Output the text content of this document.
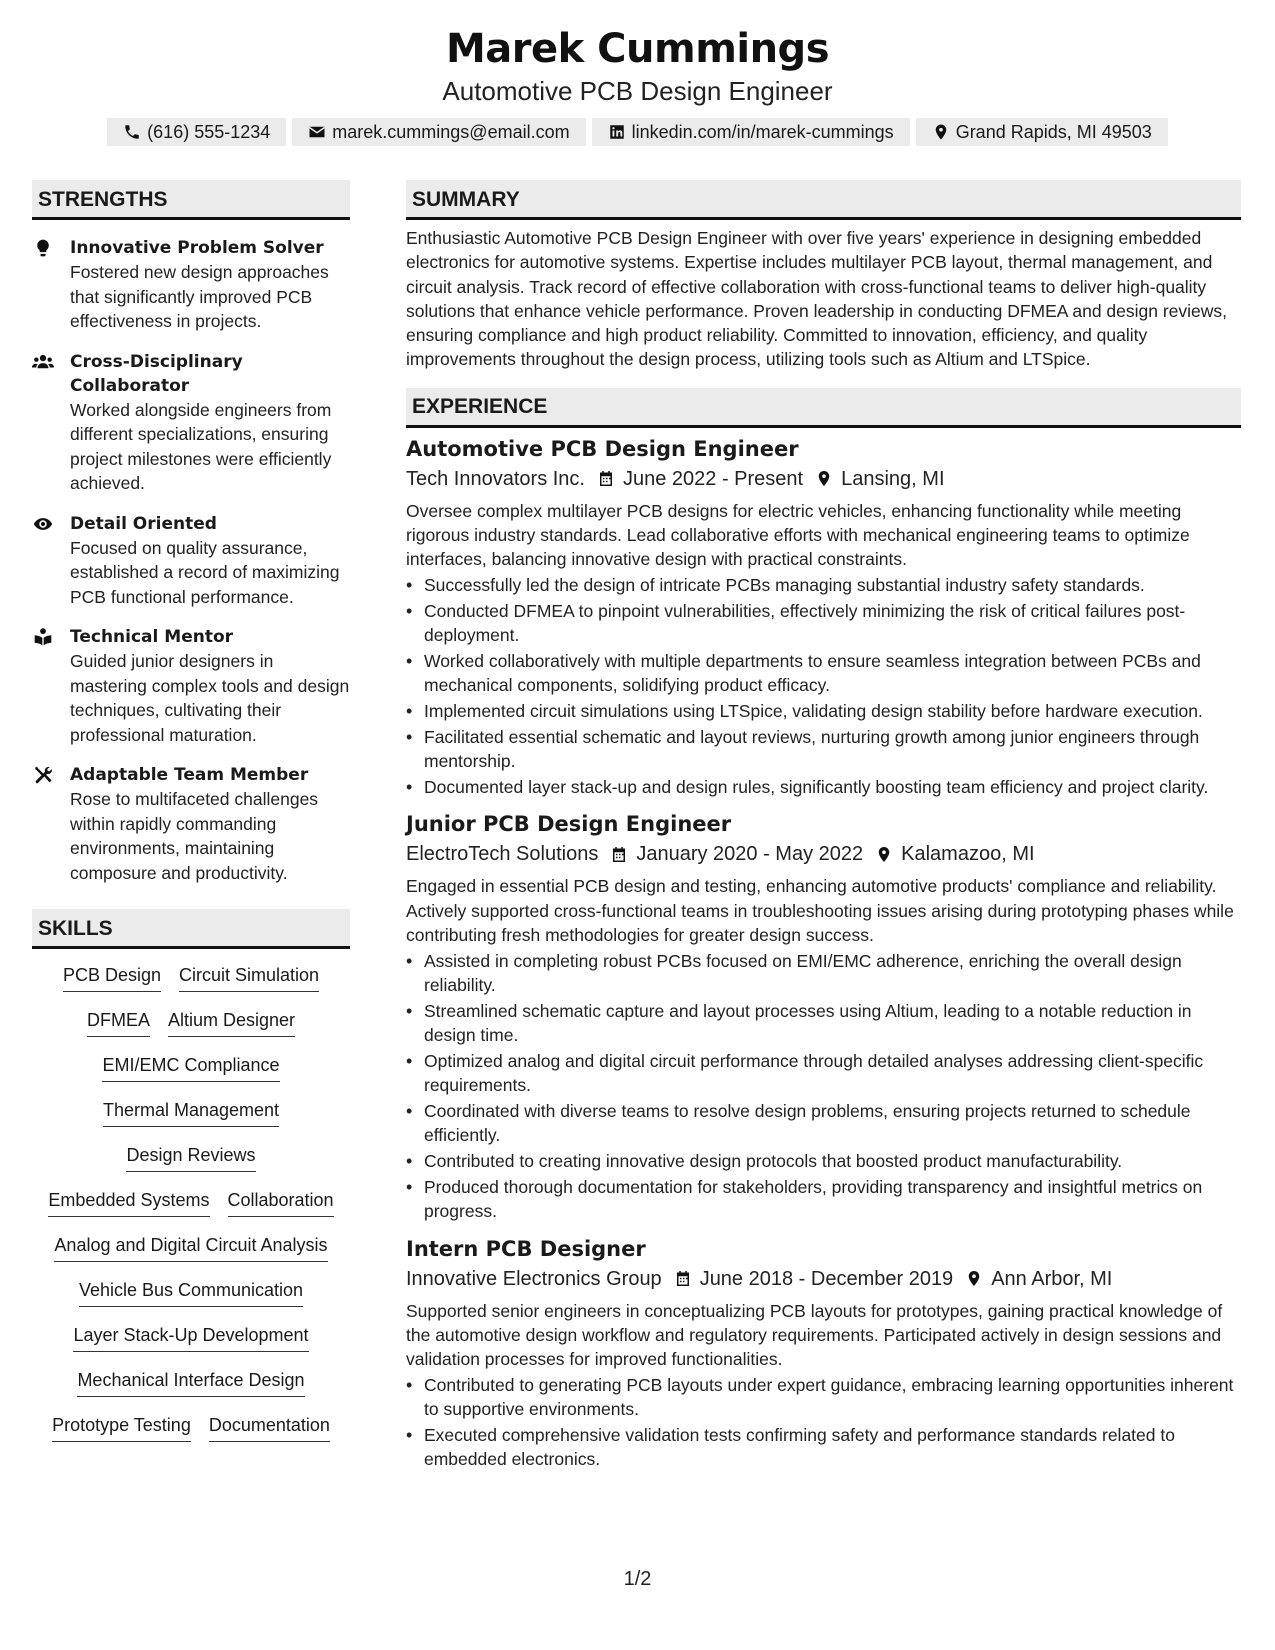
Marek Cummings
Automotive PCB Design Engineer
(616) 555-1234	marek.cummings@email.com	linkedin.com/in/marek-cummings	Grand Rapids, MI 49503
STRENGTHS
Innovative Problem Solver
Fostered new design approaches that significantly improved PCB effectiveness in projects.
Cross-Disciplinary Collaborator
Worked alongside engineers from different specializations, ensuring project milestones were efficiently achieved.
Detail Oriented
Focused on quality assurance, established a record of maximizing PCB functional performance.
Technical Mentor
Guided junior designers in mastering complex tools and design techniques, cultivating their professional maturation.
Adaptable Team Member
Rose to multifaceted challenges within rapidly commanding environments, maintaining composure and productivity.
SKILLS
PCB Design Circuit Simulation
DFMEA Altium Designer
EMI/EMC Compliance
Thermal Management
Design Reviews
Embedded Systems Collaboration
Analog and Digital Circuit Analysis
Vehicle Bus Communication
Layer Stack-Up Development
Mechanical Interface Design
Prototype Testing Documentation
SUMMARY
Enthusiastic Automotive PCB Design Engineer with over five years' experience in designing embedded electronics for automotive systems. Expertise includes multilayer PCB layout, thermal management, and circuit analysis. Track record of effective collaboration with cross-functional teams to deliver high-quality solutions that enhance vehicle performance. Proven leadership in conducting DFMEA and design reviews, ensuring compliance and high product reliability. Committed to innovation, efficiency, and quality improvements throughout the design process, utilizing tools such as Altium and LTSpice.
EXPERIENCE
Automotive PCB Design Engineer
Tech Innovators Inc. June 2022 - Present Lansing, MI
Oversee complex multilayer PCB designs for electric vehicles, enhancing functionality while meeting rigorous industry standards. Lead collaborative efforts with mechanical engineering teams to optimize interfaces, balancing innovative design with practical constraints.
• Successfully led the design of intricate PCBs managing substantial industry safety standards.
• Conducted DFMEA to pinpoint vulnerabilities, effectively minimizing the risk of critical failures post-deployment.
• Worked collaboratively with multiple departments to ensure seamless integration between PCBs and mechanical components, solidifying product efficacy.
• Implemented circuit simulations using LTSpice, validating design stability before hardware execution.
• Facilitated essential schematic and layout reviews, nurturing growth among junior engineers through mentorship.
• Documented layer stack-up and design rules, significantly boosting team efficiency and project clarity.
Junior PCB Design Engineer
ElectroTech Solutions January 2020 - May 2022 Kalamazoo, MI
Engaged in essential PCB design and testing, enhancing automotive products' compliance and reliability. Actively supported cross-functional teams in troubleshooting issues arising during prototyping phases while contributing fresh methodologies for greater design success.
• Assisted in completing robust PCBs focused on EMI/EMC adherence, enriching the overall design reliability.
• Streamlined schematic capture and layout processes using Altium, leading to a notable reduction in design time.
• Optimized analog and digital circuit performance through detailed analyses addressing client-specific requirements.
• Coordinated with diverse teams to resolve design problems, ensuring projects returned to schedule efficiently.
• Contributed to creating innovative design protocols that boosted product manufacturability.
• Produced thorough documentation for stakeholders, providing transparency and insightful metrics on progress.
Intern PCB Designer
Innovative Electronics Group June 2018 - December 2019 Ann Arbor, MI
Supported senior engineers in conceptualizing PCB layouts for prototypes, gaining practical knowledge of the automotive design workflow and regulatory requirements. Participated actively in design sessions and validation processes for improved functionalities.
• Contributed to generating PCB layouts under expert guidance, embracing learning opportunities inherent to supportive environments.
• Executed comprehensive validation tests confirming safety and performance standards related to embedded electronics.
1/2
